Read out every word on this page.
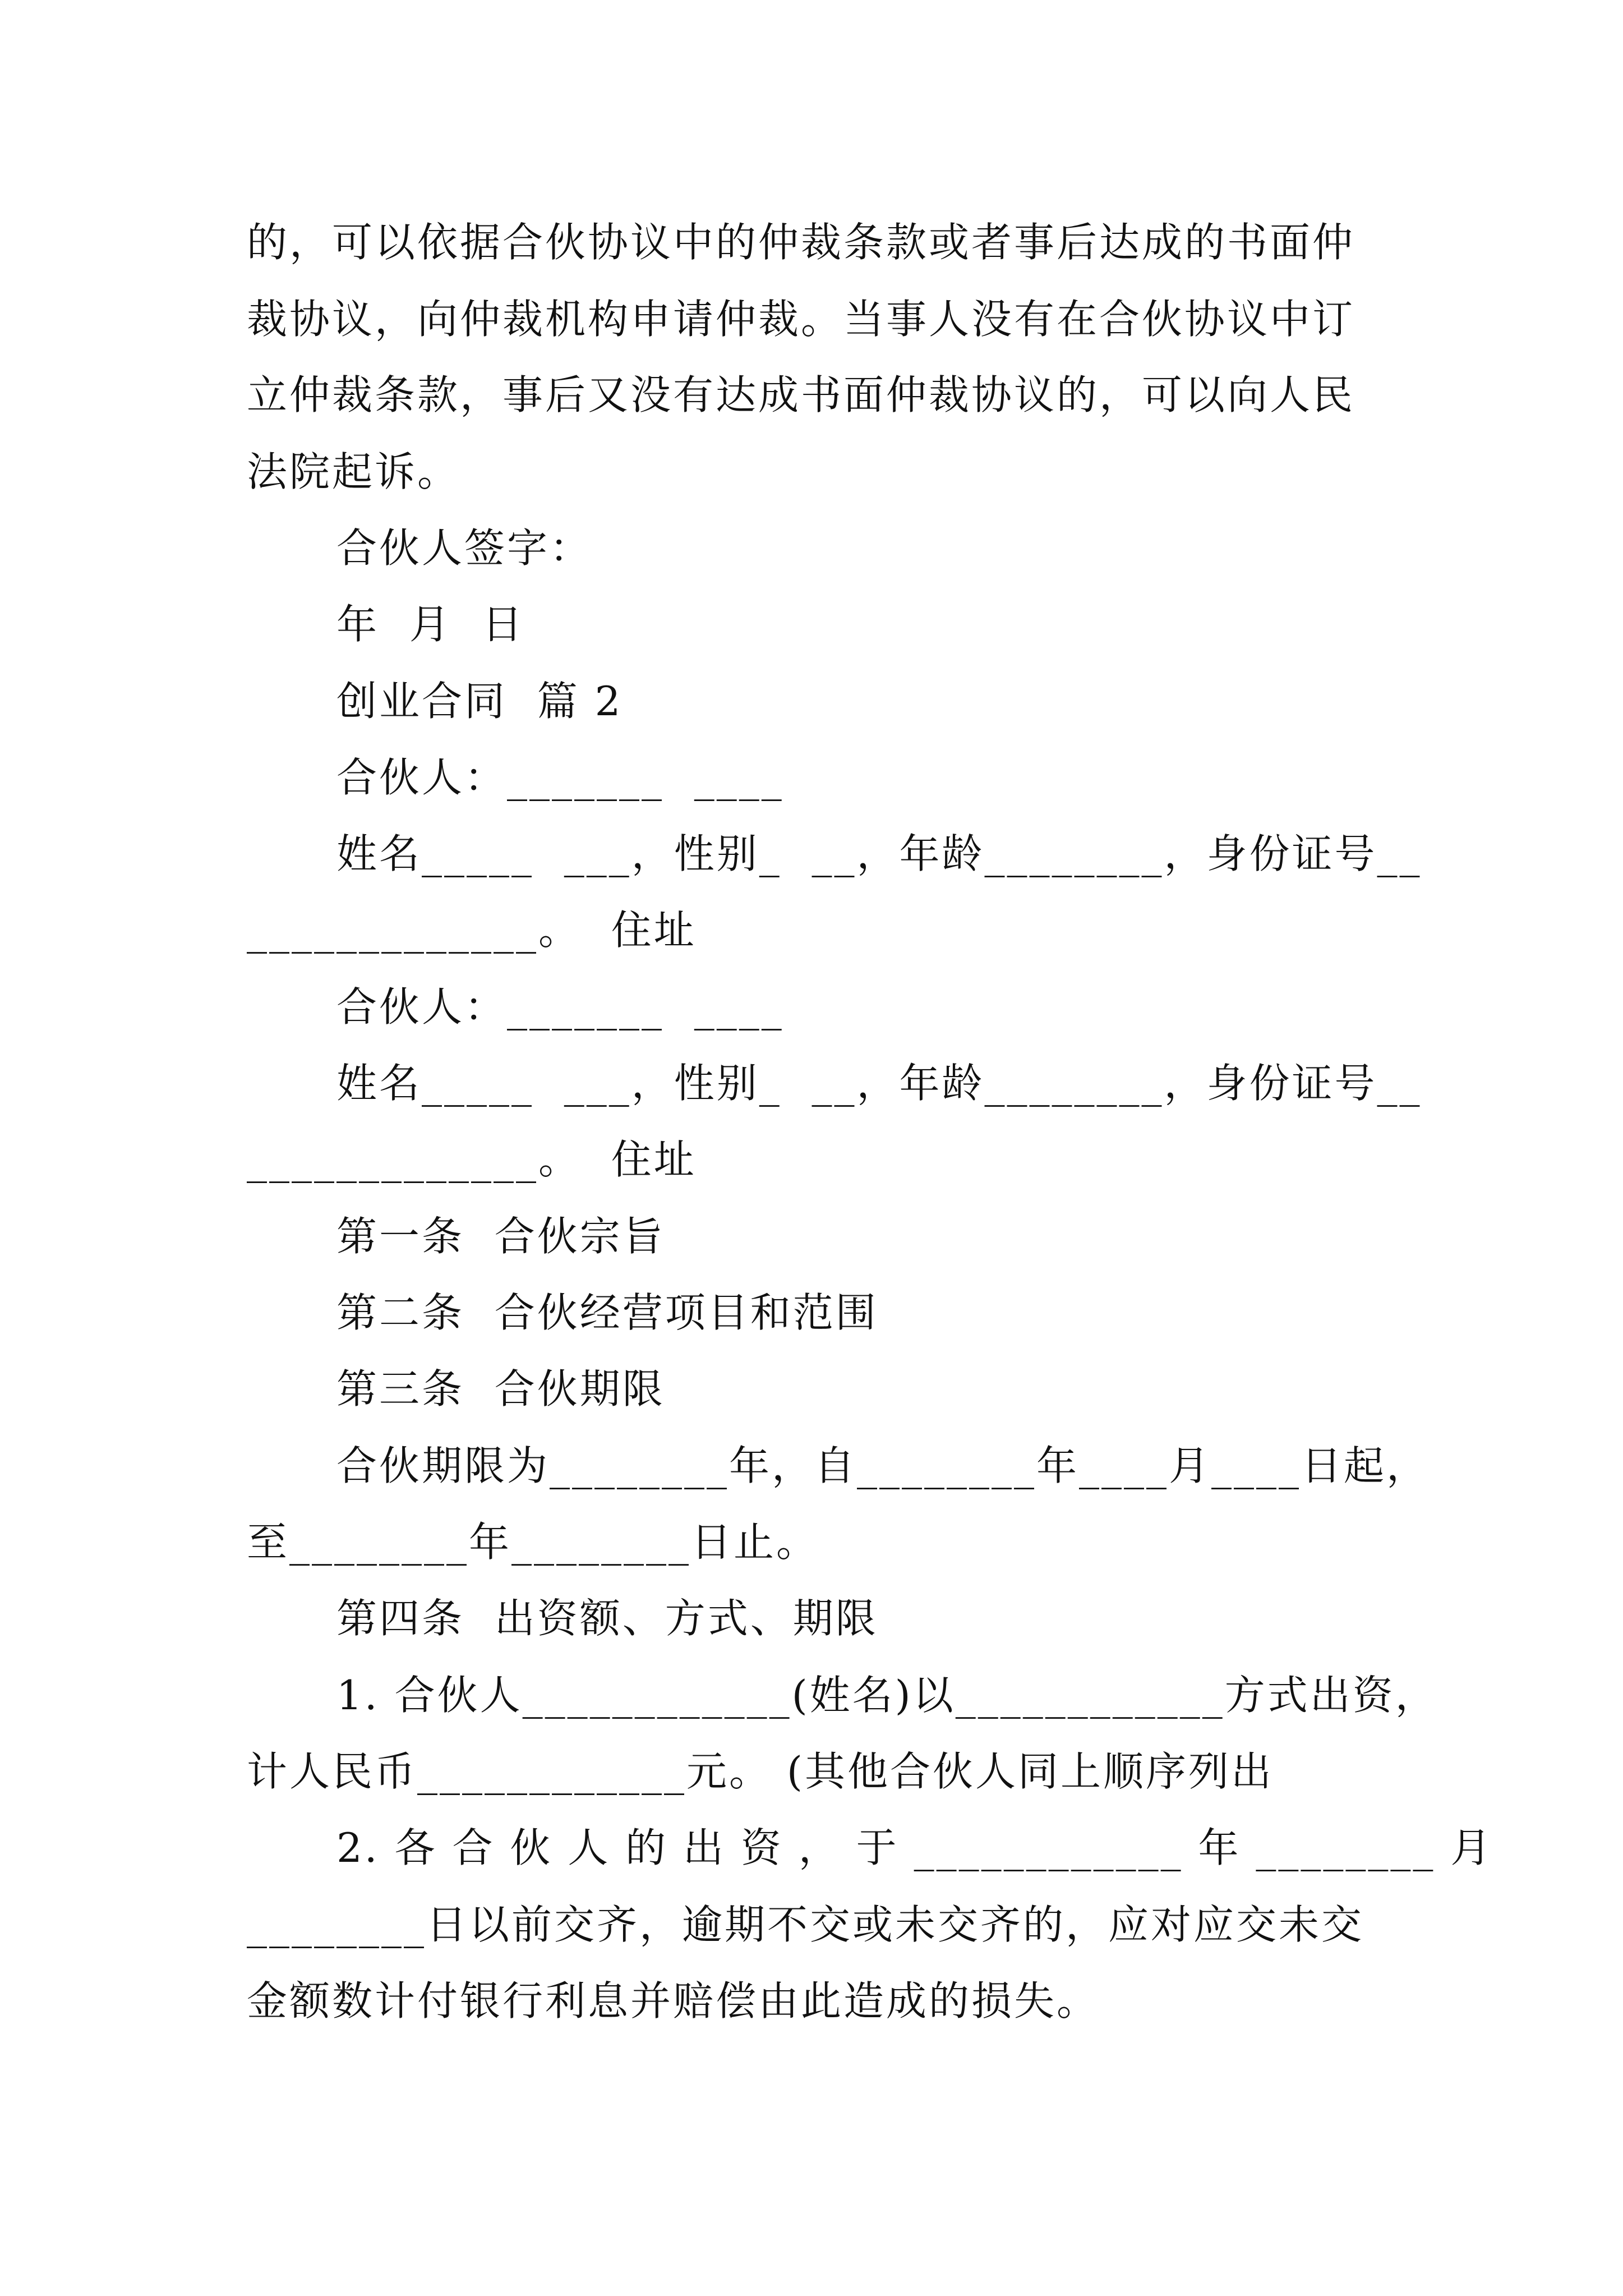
的，可以依据合伙协议中的仲裁条款或者事后达成的书面仲
裁协议，向仲裁机构申请仲裁。当事人没有在合伙协议中订
立仲裁条款，事后又没有达成书面仲裁协议的，可以向人民
法院起诉。
合伙人签字：
年  月  日
创业合同  篇 2
合伙人：_______  ____
姓名_____  ___，性别_  __，年龄________，身份证号__
_____________。  住址
合伙人：_______  ____
姓名_____  ___，性别_  __，年龄________，身份证号__
_____________。  住址
第一条  合伙宗旨
第二条  合伙经营项目和范围
第三条  合伙期限
合伙期限为________年，自________年____月____日起，
至________年________日止。
第四条  出资额、方式、期限
1. 合伙人____________(姓名)以____________方式出资，
计人民币____________元。 (其他合伙人同上顺序列出
2. 各 合 伙 人 的 出 资 ， 于 ____________ 年 ________ 月
________日以前交齐，逾期不交或未交齐的，应对应交未交
金额数计付银行利息并赔偿由此造成的损失。
